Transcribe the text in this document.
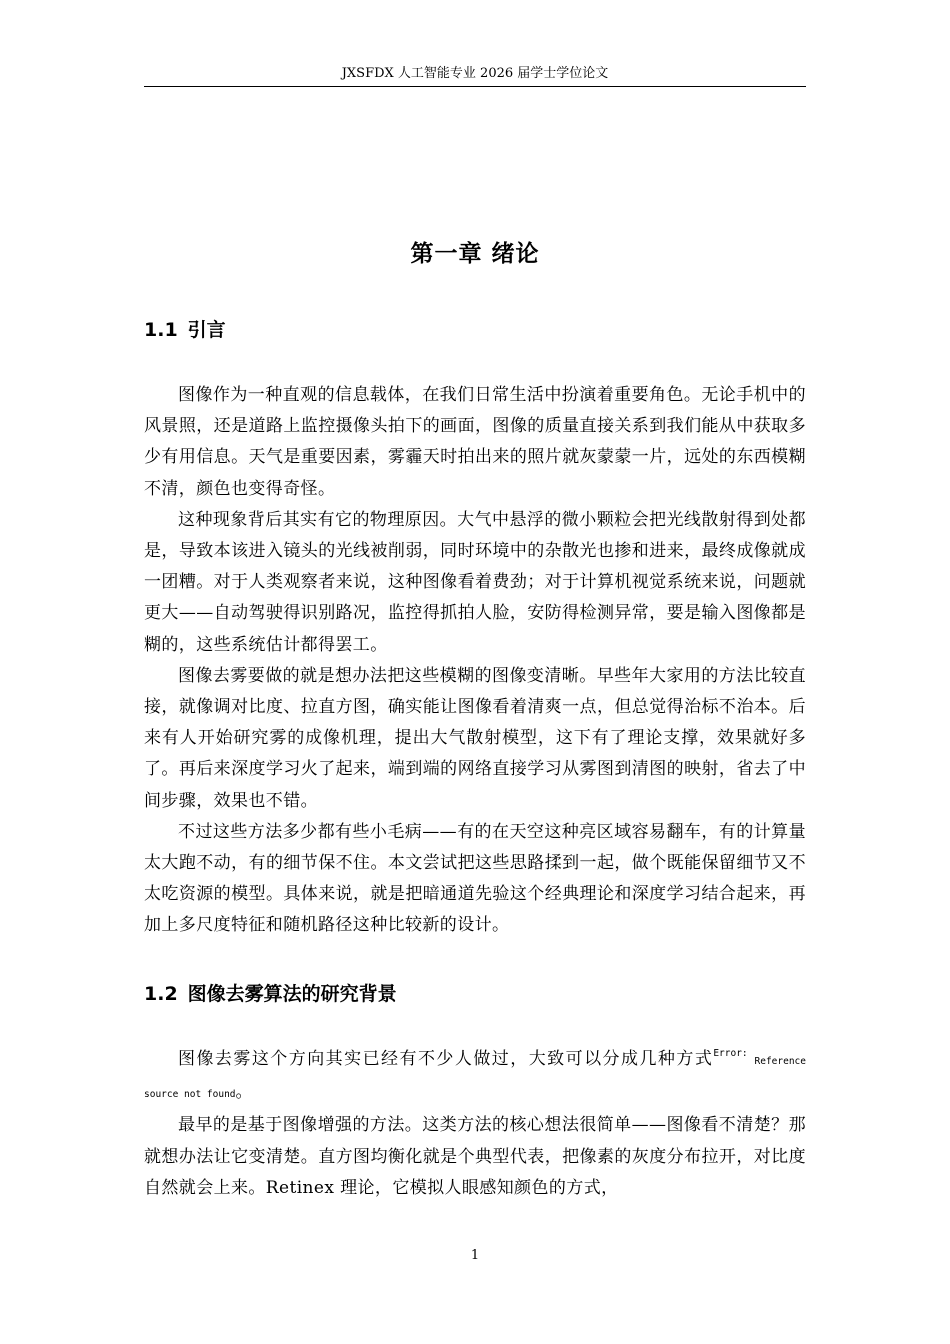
JXSFDX 人工智能专业 2026 届学士学位论文
第一章 绪论
1.1 引言

图像作为一种直观的信息载体，在我们日常生活中扮演着重要角色。无论手机中的风景照，还是道路上监控摄像头拍下的画面，图像的质量直接关系到我们能从中获取多少有用信息。天气是重要因素，雾霾天时拍出来的照片就灰蒙蒙一片，远处的东西模糊不清，颜色也变得奇怪。

这种现象背后其实有它的物理原因。大气中悬浮的微小颗粒会把光线散射得到处都是，导致本该进入镜头的光线被削弱，同时环境中的杂散光也掺和进来，最终成像就成一团糟。对于人类观察者来说，这种图像看着费劲；对于计算机视觉系统来说，问题就更大——自动驾驶得识别路况，监控得抓拍人脸，安防得检测异常，要是输入图像都是糊的，这些系统估计都得罢工。

图像去雾要做的就是想办法把这些模糊的图像变清晰。早些年大家用的方法比较直接，就像调对比度、拉直方图，确实能让图像看着清爽一点，但总觉得治标不治本。后来有人开始研究雾的成像机理，提出大气散射模型，这下有了理论支撑，效果就好多了。再后来深度学习火了起来，端到端的网络直接学习从雾图到清图的映射，省去了中间步骤，效果也不错。

不过这些方法多少都有些小毛病——有的在天空这种亮区域容易翻车，有的计算量太大跑不动，有的细节保不住。本文尝试把这些思路揉到一起，做个既能保留细节又不太吃资源的模型。具体来说，就是把暗通道先验这个经典理论和深度学习结合起来，再加上多尺度特征和随机路径这种比较新的设计。

1.2 图像去雾算法的研究背景

图像去雾这个方向其实已经有不少人做过，大致可以分成几种方式$^{Error:}$ Reference source not found。

最早的是基于图像增强的方法。这类方法的核心想法很简单——图像看不清楚？那就想办法让它变清楚。直方图均衡化就是个典型代表，把像素的灰度分布拉开，对比度自然就会上来。Retinex 理论，它模拟人眼感知颜色的方式，

1
